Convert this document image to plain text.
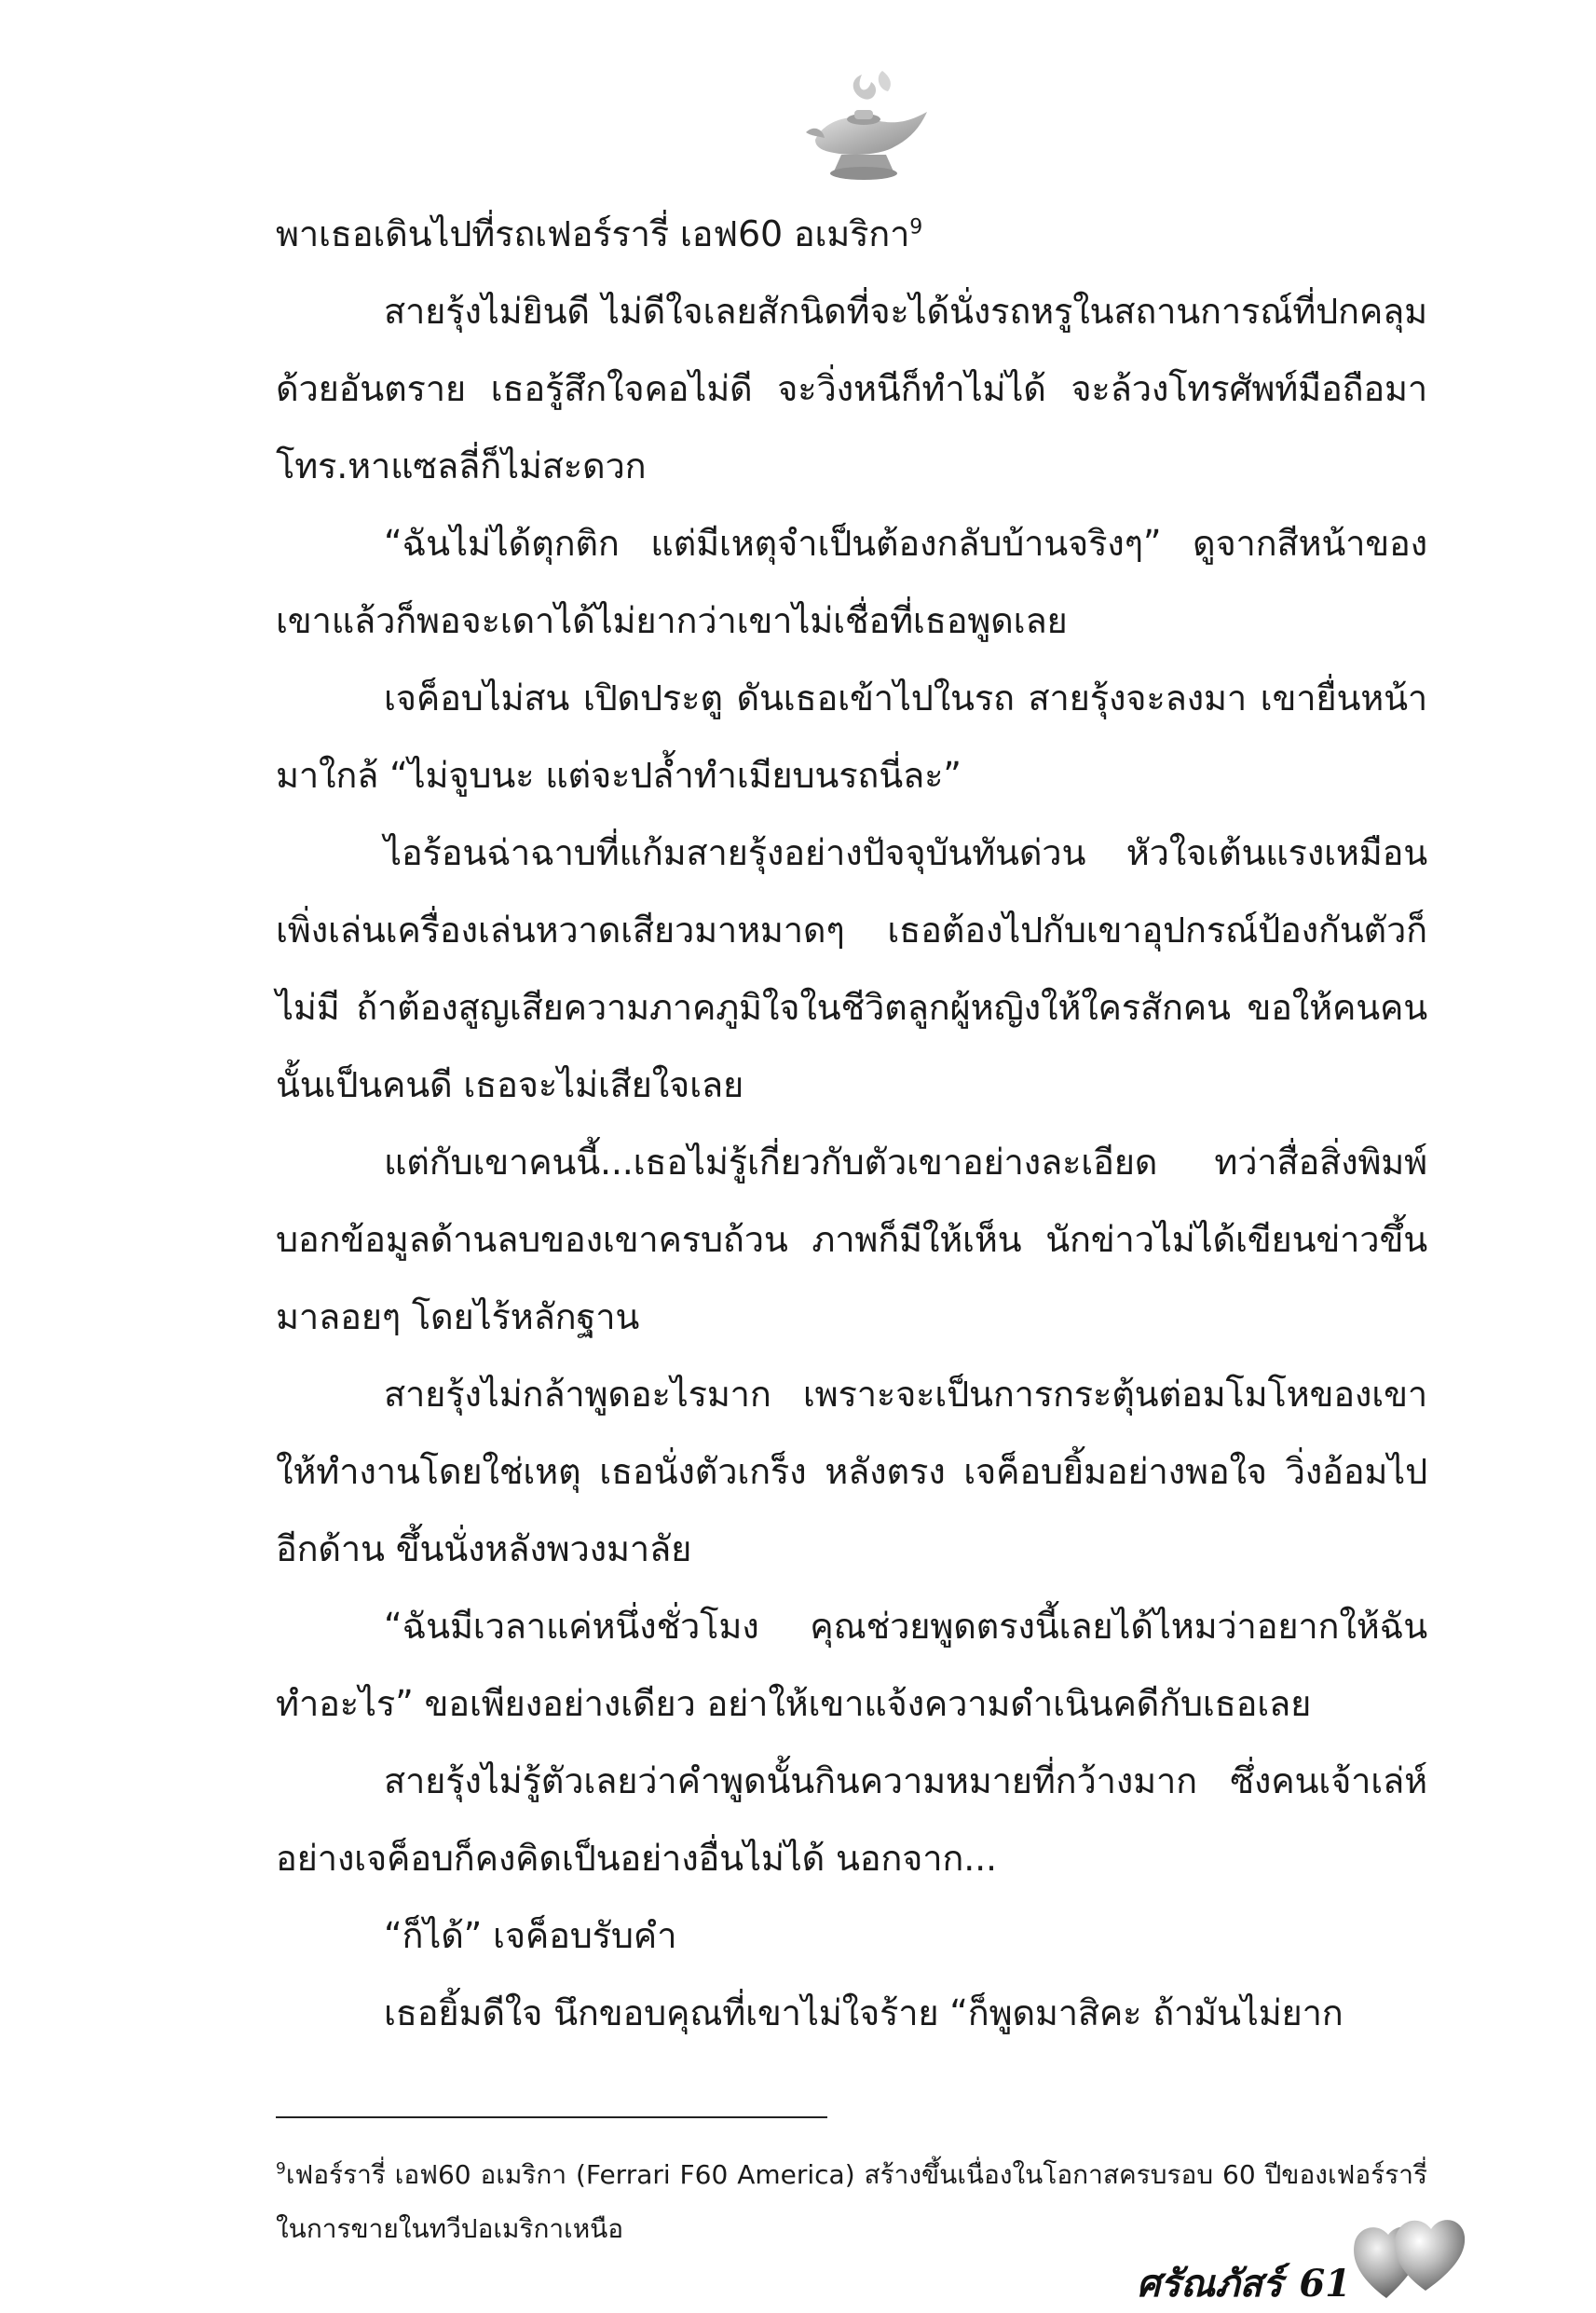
พาเธอเดินไปที่รถเฟอร์รารี่ เอฟ60 อเมริกา$^9$

สายรุ้งไม่ยินดี ไม่ดีใจเลยสักนิดที่จะได้นั่งรถหรูในสถานการณ์ที่ปกคลุมด้วยอันตราย เธอรู้สึกใจคอไม่ดี จะวิ่งหนีก็ทำไม่ได้ จะล้วงโทรศัพท์มือถือมาโทร.หาแซลลี่ก็ไม่สะดวก

“ฉันไม่ได้ตุกติก แต่มีเหตุจำเป็นต้องกลับบ้านจริงๆ” ดูจากสีหน้าของเขาแล้วก็พอจะเดาได้ไม่ยากว่าเขาไม่เชื่อที่เธอพูดเลย

เจค็อบไม่สน เปิดประตู ดันเธอเข้าไปในรถ สายรุ้งจะลงมา เขายื่นหน้ามาใกล้ “ไม่จูบนะ แต่จะปล้ำทำเมียบนรถนี่ละ”

ไอร้อนฉ่าฉาบที่แก้มสายรุ้งอย่างปัจจุบันทันด่วน หัวใจเต้นแรงเหมือนเพิ่งเล่นเครื่องเล่นหวาดเสียวมาหมาดๆ เธอต้องไปกับเขาอุปกรณ์ป้องกันตัวก็ไม่มี ถ้าต้องสูญเสียความภาคภูมิใจในชีวิตลูกผู้หญิงให้ใครสักคน ขอให้คนคนนั้นเป็นคนดี เธอจะไม่เสียใจเลย

แต่กับเขาคนนี้...เธอไม่รู้เกี่ยวกับตัวเขาอย่างละเอียด ทว่าสื่อสิ่งพิมพ์บอกข้อมูลด้านลบของเขาครบถ้วน ภาพก็มีให้เห็น นักข่าวไม่ได้เขียนข่าวขึ้นมาลอยๆ โดยไร้หลักฐาน

สายรุ้งไม่กล้าพูดอะไรมาก เพราะจะเป็นการกระตุ้นต่อมโมโหของเขาให้ทำงานโดยใช่เหตุ เธอนั่งตัวเกร็ง หลังตรง เจค็อบยิ้มอย่างพอใจ วิ่งอ้อมไปอีกด้าน ขึ้นนั่งหลังพวงมาลัย

“ฉันมีเวลาแค่หนึ่งชั่วโมง คุณช่วยพูดตรงนี้เลยได้ไหมว่าอยากให้ฉันทำอะไร” ขอเพียงอย่างเดียว อย่าให้เขาแจ้งความดำเนินคดีกับเธอเลย

สายรุ้งไม่รู้ตัวเลยว่าคำพูดนั้นกินความหมายที่กว้างมาก ซึ่งคนเจ้าเล่ห์อย่างเจค็อบก็คงคิดเป็นอย่างอื่นไม่ได้ นอกจาก...

“ก็ได้” เจค็อบรับคำ

เธอยิ้มดีใจ นึกขอบคุณที่เขาไม่ใจร้าย “ก็พูดมาสิคะ ถ้ามันไม่ยาก

$^9$เฟอร์รารี่ เอฟ60 อเมริกา (Ferrari F60 America) สร้างขึ้นเนื่องในโอกาสครบรอบ 60 ปีของเฟอร์รารี่ในการขายในทวีปอเมริกาเหนือ
ศรัณภัสร์ 61
